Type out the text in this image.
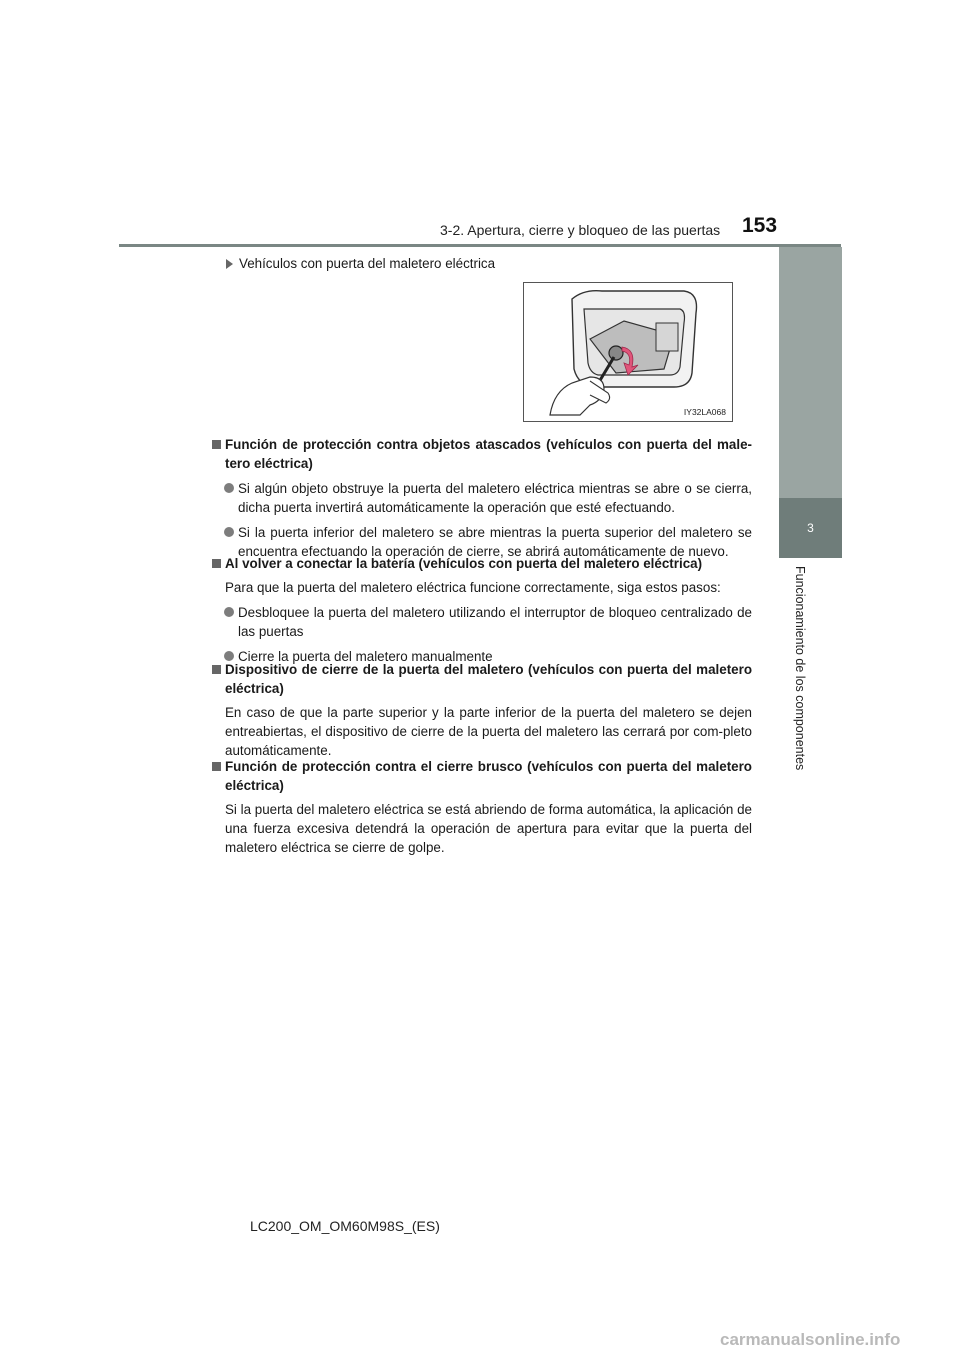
3-2. Apertura, cierre y bloqueo de las puertas 153
3
Funcionamiento de los componentes
Vehículos con puerta del maletero eléctrica
IY32LA068
Función de protección contra objetos atascados (vehículos con puerta del male-tero eléctrica)
Si algún objeto obstruye la puerta del maletero eléctrica mientras se abre o se cierra, dicha puerta invertirá automáticamente la operación que esté efectuando.
Si la puerta inferior del maletero se abre mientras la puerta superior del maletero se encuentra efectuando la operación de cierre, se abrirá automáticamente de nuevo.
Al volver a conectar la batería (vehículos con puerta del maletero eléctrica)
Para que la puerta del maletero eléctrica funcione correctamente, siga estos pasos:
Desbloquee la puerta del maletero utilizando el interruptor de bloqueo centralizado de las puertas
Cierre la puerta del maletero manualmente
Dispositivo de cierre de la puerta del maletero (vehículos con puerta del maletero eléctrica)
En caso de que la parte superior y la parte inferior de la puerta del maletero se dejen entreabiertas, el dispositivo de cierre de la puerta del maletero las cerrará por com-pleto automáticamente.
Función de protección contra el cierre brusco (vehículos con puerta del maletero eléctrica)
Si la puerta del maletero eléctrica se está abriendo de forma automática, la aplicación de una fuerza excesiva detendrá la operación de apertura para evitar que la puerta del maletero eléctrica se cierre de golpe.
LC200_OM_OM60M98S_(ES)
carmanualsonline.info
